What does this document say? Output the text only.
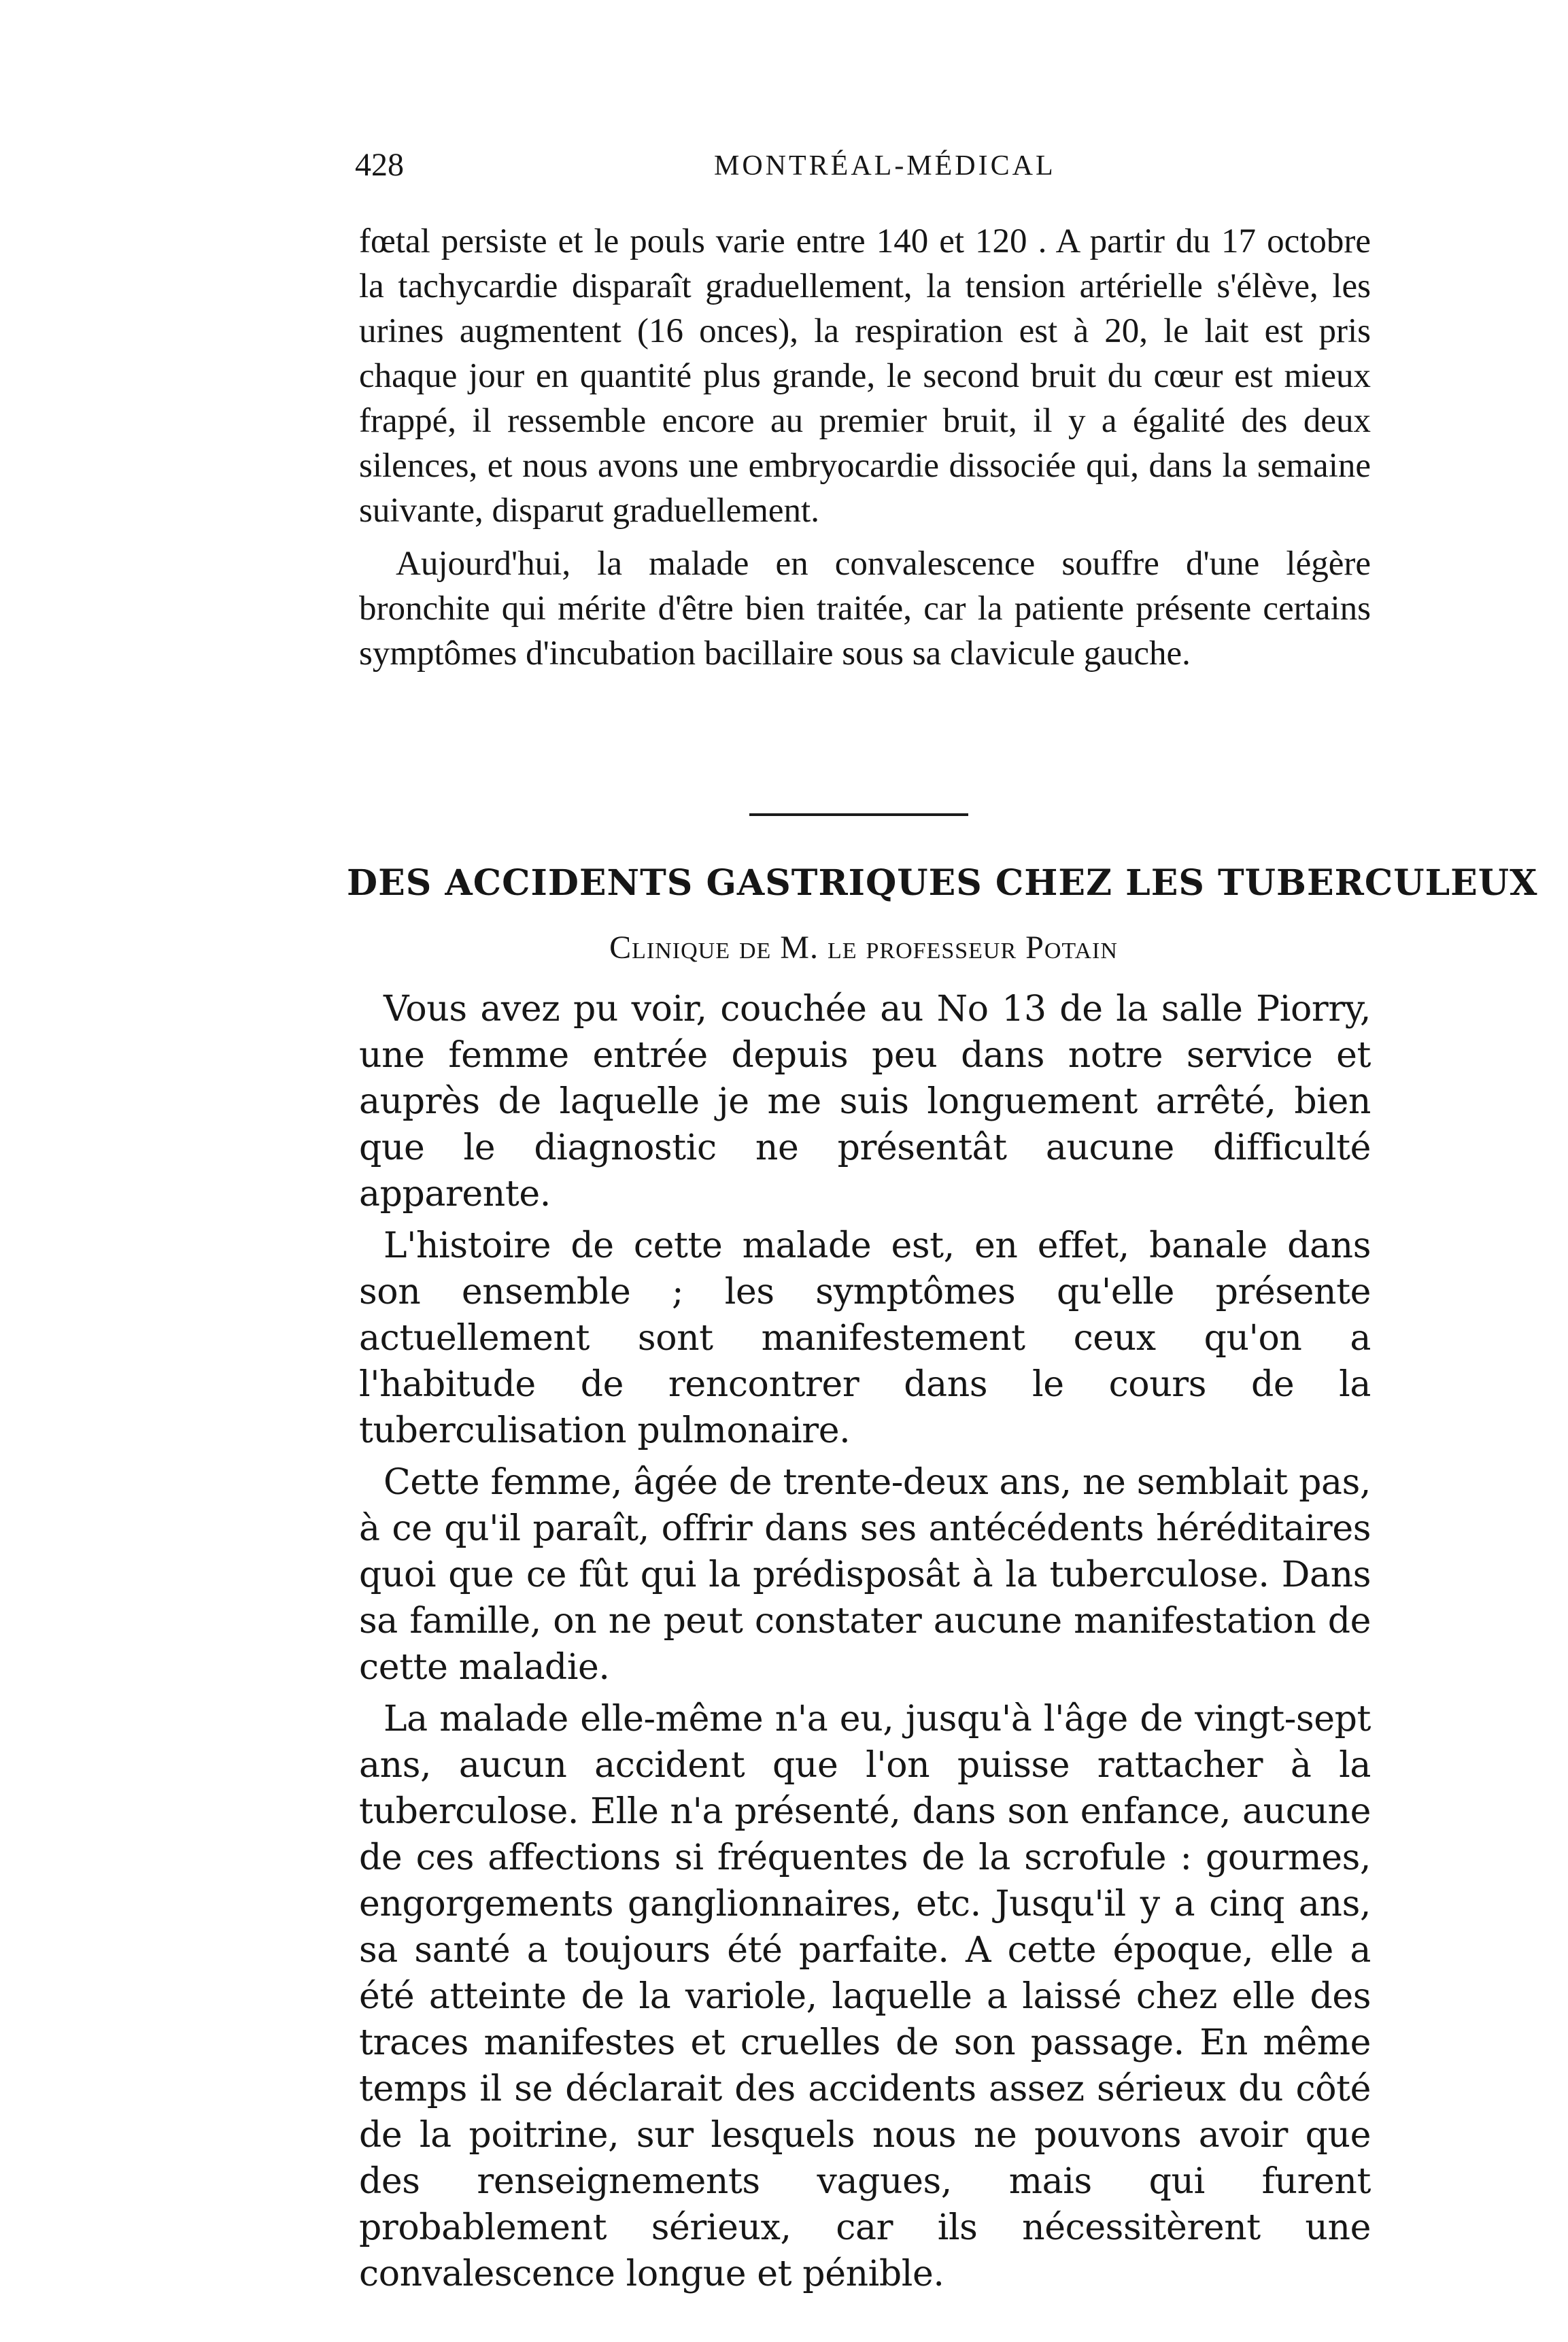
428	MONTRÉAL-MÉDICAL

fœtal persiste et le pouls varie entre 140 et 120 . A partir du 17 octobre la tachycardie disparaît graduellement, la tension artérielle s'élève, les urines augmentent (16 onces), la respiration est à 20, le lait est pris chaque jour en quantité plus grande, le second bruit du cœur est mieux frappé, il ressemble encore au premier bruit, il y a égalité des deux silences, et nous avons une embryocardie dissociée qui, dans la semaine suivante, disparut graduellement.

Aujourd'hui, la malade en convalescence souffre d'une légère bronchite qui mérite d'être bien traitée, car la patiente présente certains symptômes d'incubation bacillaire sous sa clavicule gauche.

DES ACCIDENTS GASTRIQUES CHEZ LES TUBERCULEUX
Clinique de M. le professeur Potain

Vous avez pu voir, couchée au No 13 de la salle Piorry, une femme entrée depuis peu dans notre service et auprès de laquelle je me suis longuement arrêté, bien que le diagnostic ne présentât aucune difficulté apparente.

L'histoire de cette malade est, en effet, banale dans son ensemble ; les symptômes qu'elle présente actuellement sont manifestement ceux qu'on a l'habitude de rencontrer dans le cours de la tuberculisation pulmonaire.

Cette femme, âgée de trente-deux ans, ne semblait pas, à ce qu'il paraît, offrir dans ses antécédents héréditaires quoi que ce fût qui la prédisposât à la tuberculose. Dans sa famille, on ne peut constater aucune manifestation de cette maladie.

La malade elle-même n'a eu, jusqu'à l'âge de vingt-sept ans, aucun accident que l'on puisse rattacher à la tuberculose. Elle n'a présenté, dans son enfance, aucune de ces affections si fréquentes de la scrofule : gourmes, engorgements ganglionnaires, etc. Jusqu'il y a cinq ans, sa santé a toujours été parfaite. A cette époque, elle a été atteinte de la variole, laquelle a laissé chez elle des traces manifestes et cruelles de son passage. En même temps il se déclarait des accidents assez sérieux du côté de la poitrine, sur lesquels nous ne pouvons avoir que des renseignements vagues, mais qui furent probablement sérieux, car ils nécessitèrent une convalescence longue et pénible.
